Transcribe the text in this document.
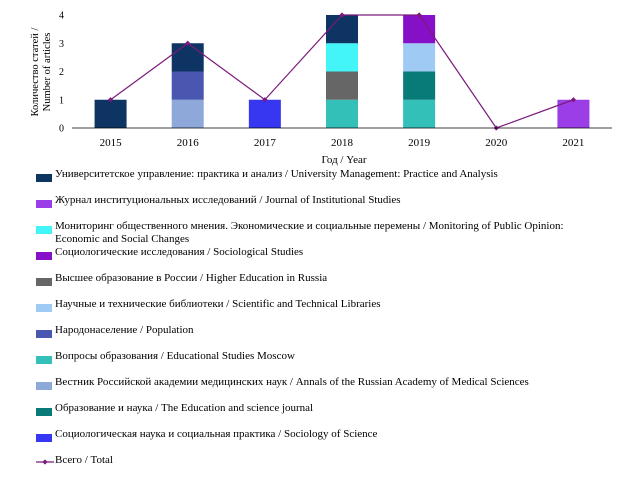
0
1
2
3
4
2015	2016	2017	2018	2019	2020	2021
Количество статей / Number of articles
Год / Year
Университетское управление: практика и анализ / University Management: Practice and Analysis
Журнал институциональных исследований / Journal of Institutional Studies
Мониторинг общественного мнения. Экономические и социальные перемены / Monitoring of Public Opinion: Economic and Social Changes
Социологические исследования / Sociological Studies
Высшее образование в России / Higher Education in Russia
Научные и технические библиотеки / Scientific and Technical Libraries
Народонаселение / Population
Вопросы образования / Educational Studies Moscow
Вестник Российской академии медицинских наук / Annals of the Russian Academy of Medical Sciences
Образование и наука / The Education and science journal
Социологическая наука и социальная практика / Sociology of Science
Всего / Total
